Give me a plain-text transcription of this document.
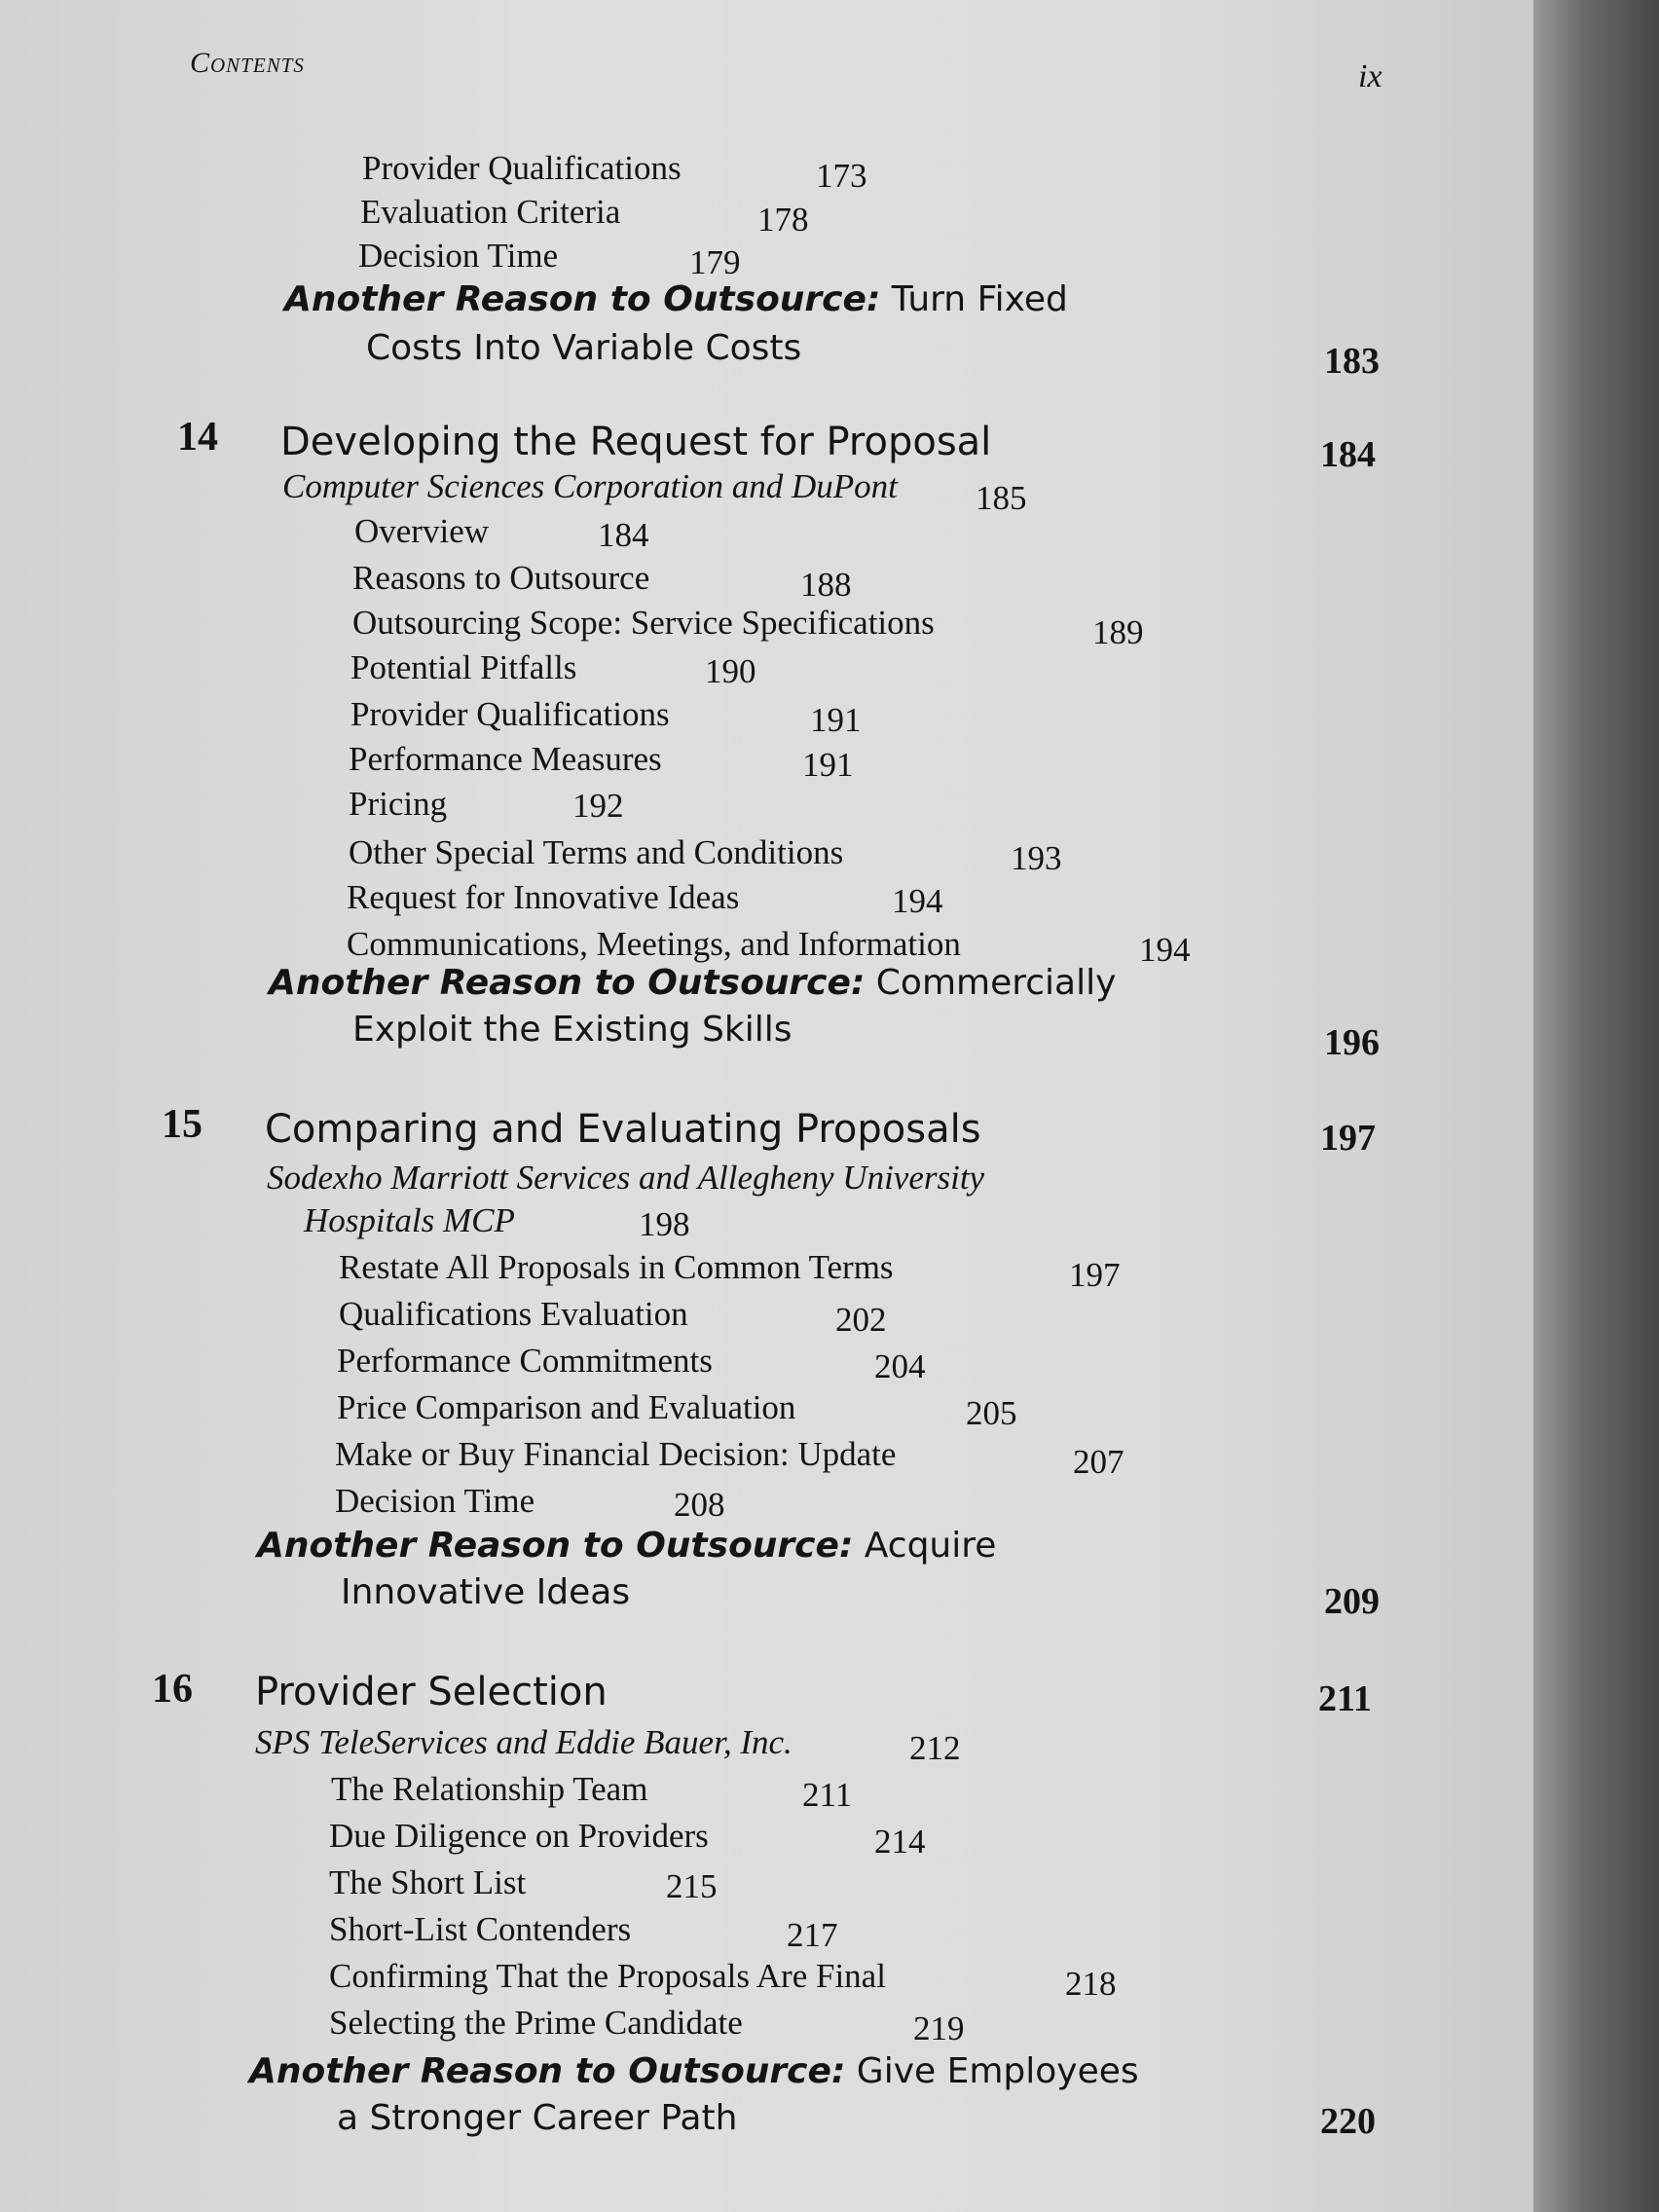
Contents	ix
Provider Qualifications	173
Evaluation Criteria	178
Decision Time	179
Another Reason to Outsource: Turn Fixed
Costs Into Variable Costs	183
14 Developing the Request for Proposal	184
Computer Sciences Corporation and DuPont 185
Overview	184
Reasons to Outsource	188
Outsourcing Scope: Service Specifications	189
Potential Pitfalls	190
Provider Qualifications	191
Performance Measures	191
Pricing	192
Other Special Terms and Conditions	193
Request for Innovative Ideas	194
Communications, Meetings, and Information	194
Another Reason to Outsource: Commercially
Exploit the Existing Skills	196
15 Comparing and Evaluating Proposals	197
Sodexho Marriott Services and Allegheny University
Hospitals MCP	198
Restate All Proposals in Common Terms	197
Qualifications Evaluation	202
Performance Commitments	204
Price Comparison and Evaluation	205
Make or Buy Financial Decision: Update	207
Decision Time	208
Another Reason to Outsource: Acquire
Innovative Ideas	209
16 Provider Selection	211
SPS TeleServices and Eddie Bauer, Inc.	212
The Relationship Team	211
Due Diligence on Providers	214
The Short List	215
Short-List Contenders	217
Confirming That the Proposals Are Final	218
Selecting the Prime Candidate	219
Another Reason to Outsource: Give Employees
a Stronger Career Path	220
